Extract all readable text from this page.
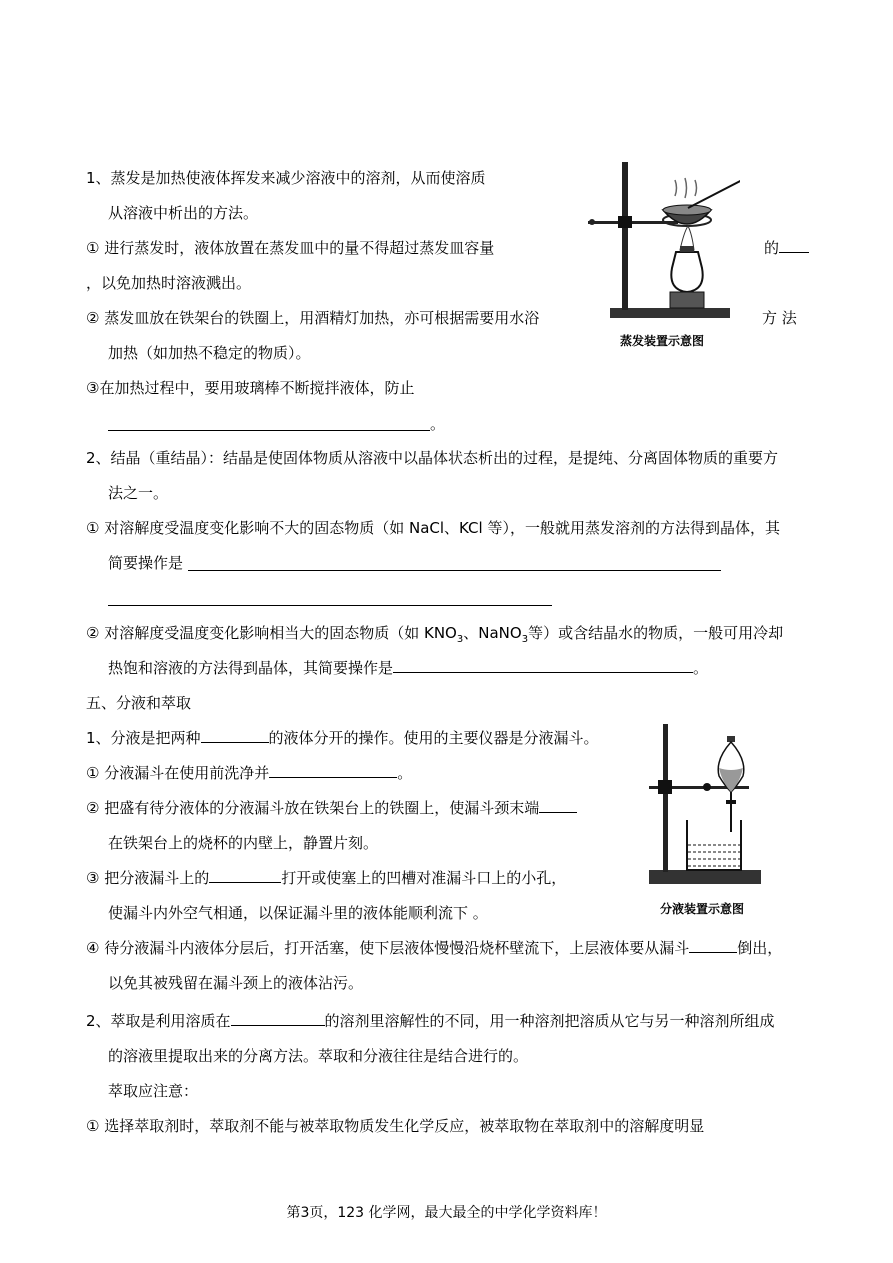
1、蒸发是加热使液体挥发来减少溶液中的溶剂，从而使溶质
从溶液中析出的方法。
① 进行蒸发时，液体放置在蒸发皿中的量不得超过蒸发皿容量	的
，以免加热时溶液溅出。
② 蒸发皿放在铁架台的铁圈上，用酒精灯加热，亦可根据需要用水浴	方 法
加热（如加热不稳定的物质）。
③在加热过程中，要用玻璃棒不断搅拌液体，防止
。
蒸发装置示意图
2、结晶（重结晶）：结晶是使固体物质从溶液中以晶体状态析出的过程，是提纯、分离固体物质的重要方
法之一。
① 对溶解度受温度变化影响不大的固态物质（如 NaCl、KCl 等），一般就用蒸发溶剂的方法得到晶体，其
简要操作是
② 对溶解度受温度变化影响相当大的固态物质（如 $KNO_3$、NaNO$_3$等）或含结晶水的物质，一般可用冷却
热饱和溶液的方法得到晶体，其简要操作是	。
五、分液和萃取
1、分液是把两种	的液体分开的操作。使用的主要仪器是分液漏斗。
① 分液漏斗在使用前洗净并	。
② 把盛有待分液体的分液漏斗放在铁架台上的铁圈上，使漏斗颈末端
在铁架台上的烧杯的内壁上，静置片刻。
③ 把分液漏斗上的	打开或使塞上的凹槽对准漏斗口上的小孔，
使漏斗内外空气相通，以保证漏斗里的液体能顺利流下 。
④ 待分液漏斗内液体分层后，打开活塞，使下层液体慢慢沿烧杯壁流下，上层液体要从漏斗	倒出，
以免其被残留在漏斗颈上的液体沾污。
分液装置示意图
2、萃取是利用溶质在	的溶剂里溶解性的不同，用一种溶剂把溶质从它与另一种溶剂所组成
的溶液里提取出来的分离方法。萃取和分液往往是结合进行的。
萃取应注意：
① 选择萃取剂时，萃取剂不能与被萃取物质发生化学反应，被萃取物在萃取剂中的溶解度明显
第3页，123 化学网，最大最全的中学化学资料库！
